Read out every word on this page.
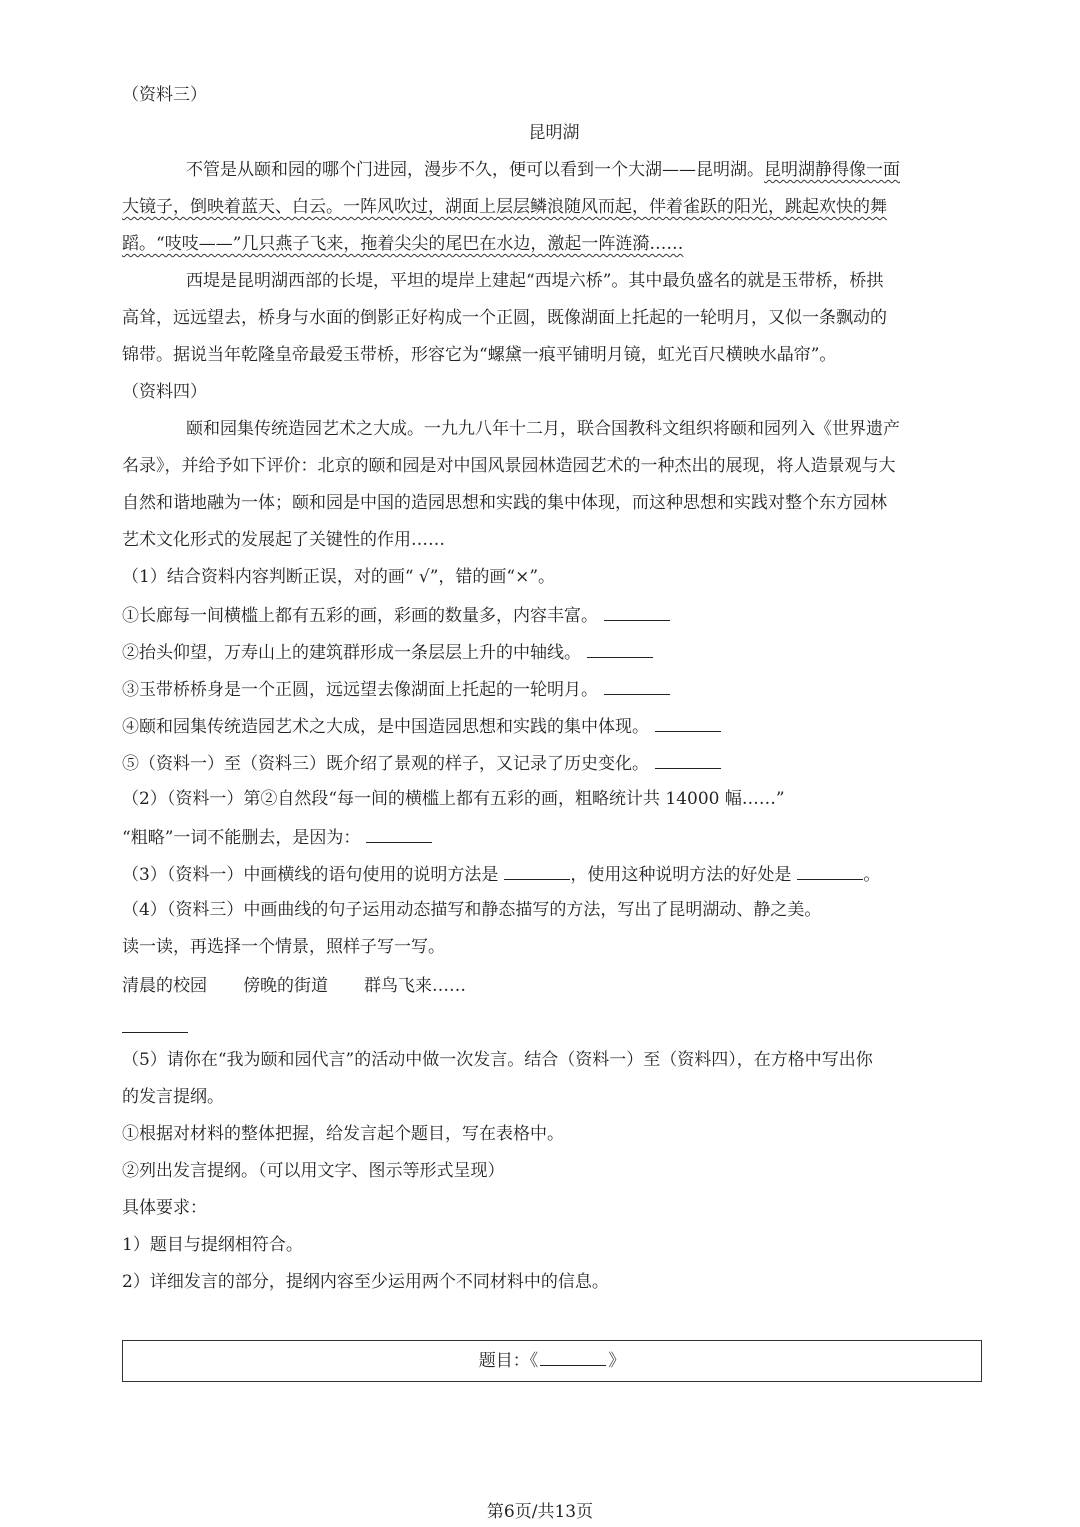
（资料三）
昆明湖
不管是从颐和园的哪个门进园，漫步不久，便可以看到一个大湖——昆明湖。昆明湖静得像一面
大镜子，倒映着蓝天、白云。一阵风吹过，湖面上层层鳞浪随风而起，伴着雀跃的阳光，跳起欢快的舞
蹈。“吱吱——”几只燕子飞来，拖着尖尖的尾巴在水边，激起一阵涟漪……
西堤是昆明湖西部的长堤，平坦的堤岸上建起“西堤六桥”。其中最负盛名的就是玉带桥，桥拱
高耸，远远望去，桥身与水面的倒影正好构成一个正圆，既像湖面上托起的一轮明月，又似一条飘动的
锦带。据说当年乾隆皇帝最爱玉带桥，形容它为“螺黛一痕平铺明月镜，虹光百尺横映水晶帘”。
（资料四）
颐和园集传统造园艺术之大成。一九九八年十二月，联合国教科文组织将颐和园列入《世界遗产
名录》，并给予如下评价：北京的颐和园是对中国风景园林造园艺术的一种杰出的展现，将人造景观与大
自然和谐地融为一体；颐和园是中国的造园思想和实践的集中体现，而这种思想和实践对整个东方园林
艺术文化形式的发展起了关键性的作用……
（1）结合资料内容判断正误，对的画“ √”，错的画“×”。
①长廊每一间横槛上都有五彩的画，彩画的数量多，内容丰富。
②抬头仰望，万寿山上的建筑群形成一条层层上升的中轴线。
③玉带桥桥身是一个正圆，远远望去像湖面上托起的一轮明月。
④颐和园集传统造园艺术之大成，是中国造园思想和实践的集中体现。
⑤（资料一）至（资料三）既介绍了景观的样子，又记录了历史变化。
（2）（资料一）第②自然段“每一间的横槛上都有五彩的画，粗略统计共 14000 幅……”
“粗略”一词不能删去，是因为：
（3）（资料一）中画横线的语句使用的说明方法是	，使用这种说明方法的好处是	。
（4）（资料三）中画曲线的句子运用动态描写和静态描写的方法，写出了昆明湖动、静之美。
读一读，再选择一个情景，照样子写一写。
清晨的校园 傍晚的街道 群鸟飞来……
（5）请你在“我为颐和园代言”的活动中做一次发言。结合（资料一）至（资料四），在方格中写出你
的发言提纲。
①根据对材料的整体把握，给发言起个题目，写在表格中。
②列出发言提纲。（可以用文字、图示等形式呈现）
具体要求：
1）题目与提纲相符合。
2）详细发言的部分，提纲内容至少运用两个不同材料中的信息。
题目：《	》
第6页/共13页
